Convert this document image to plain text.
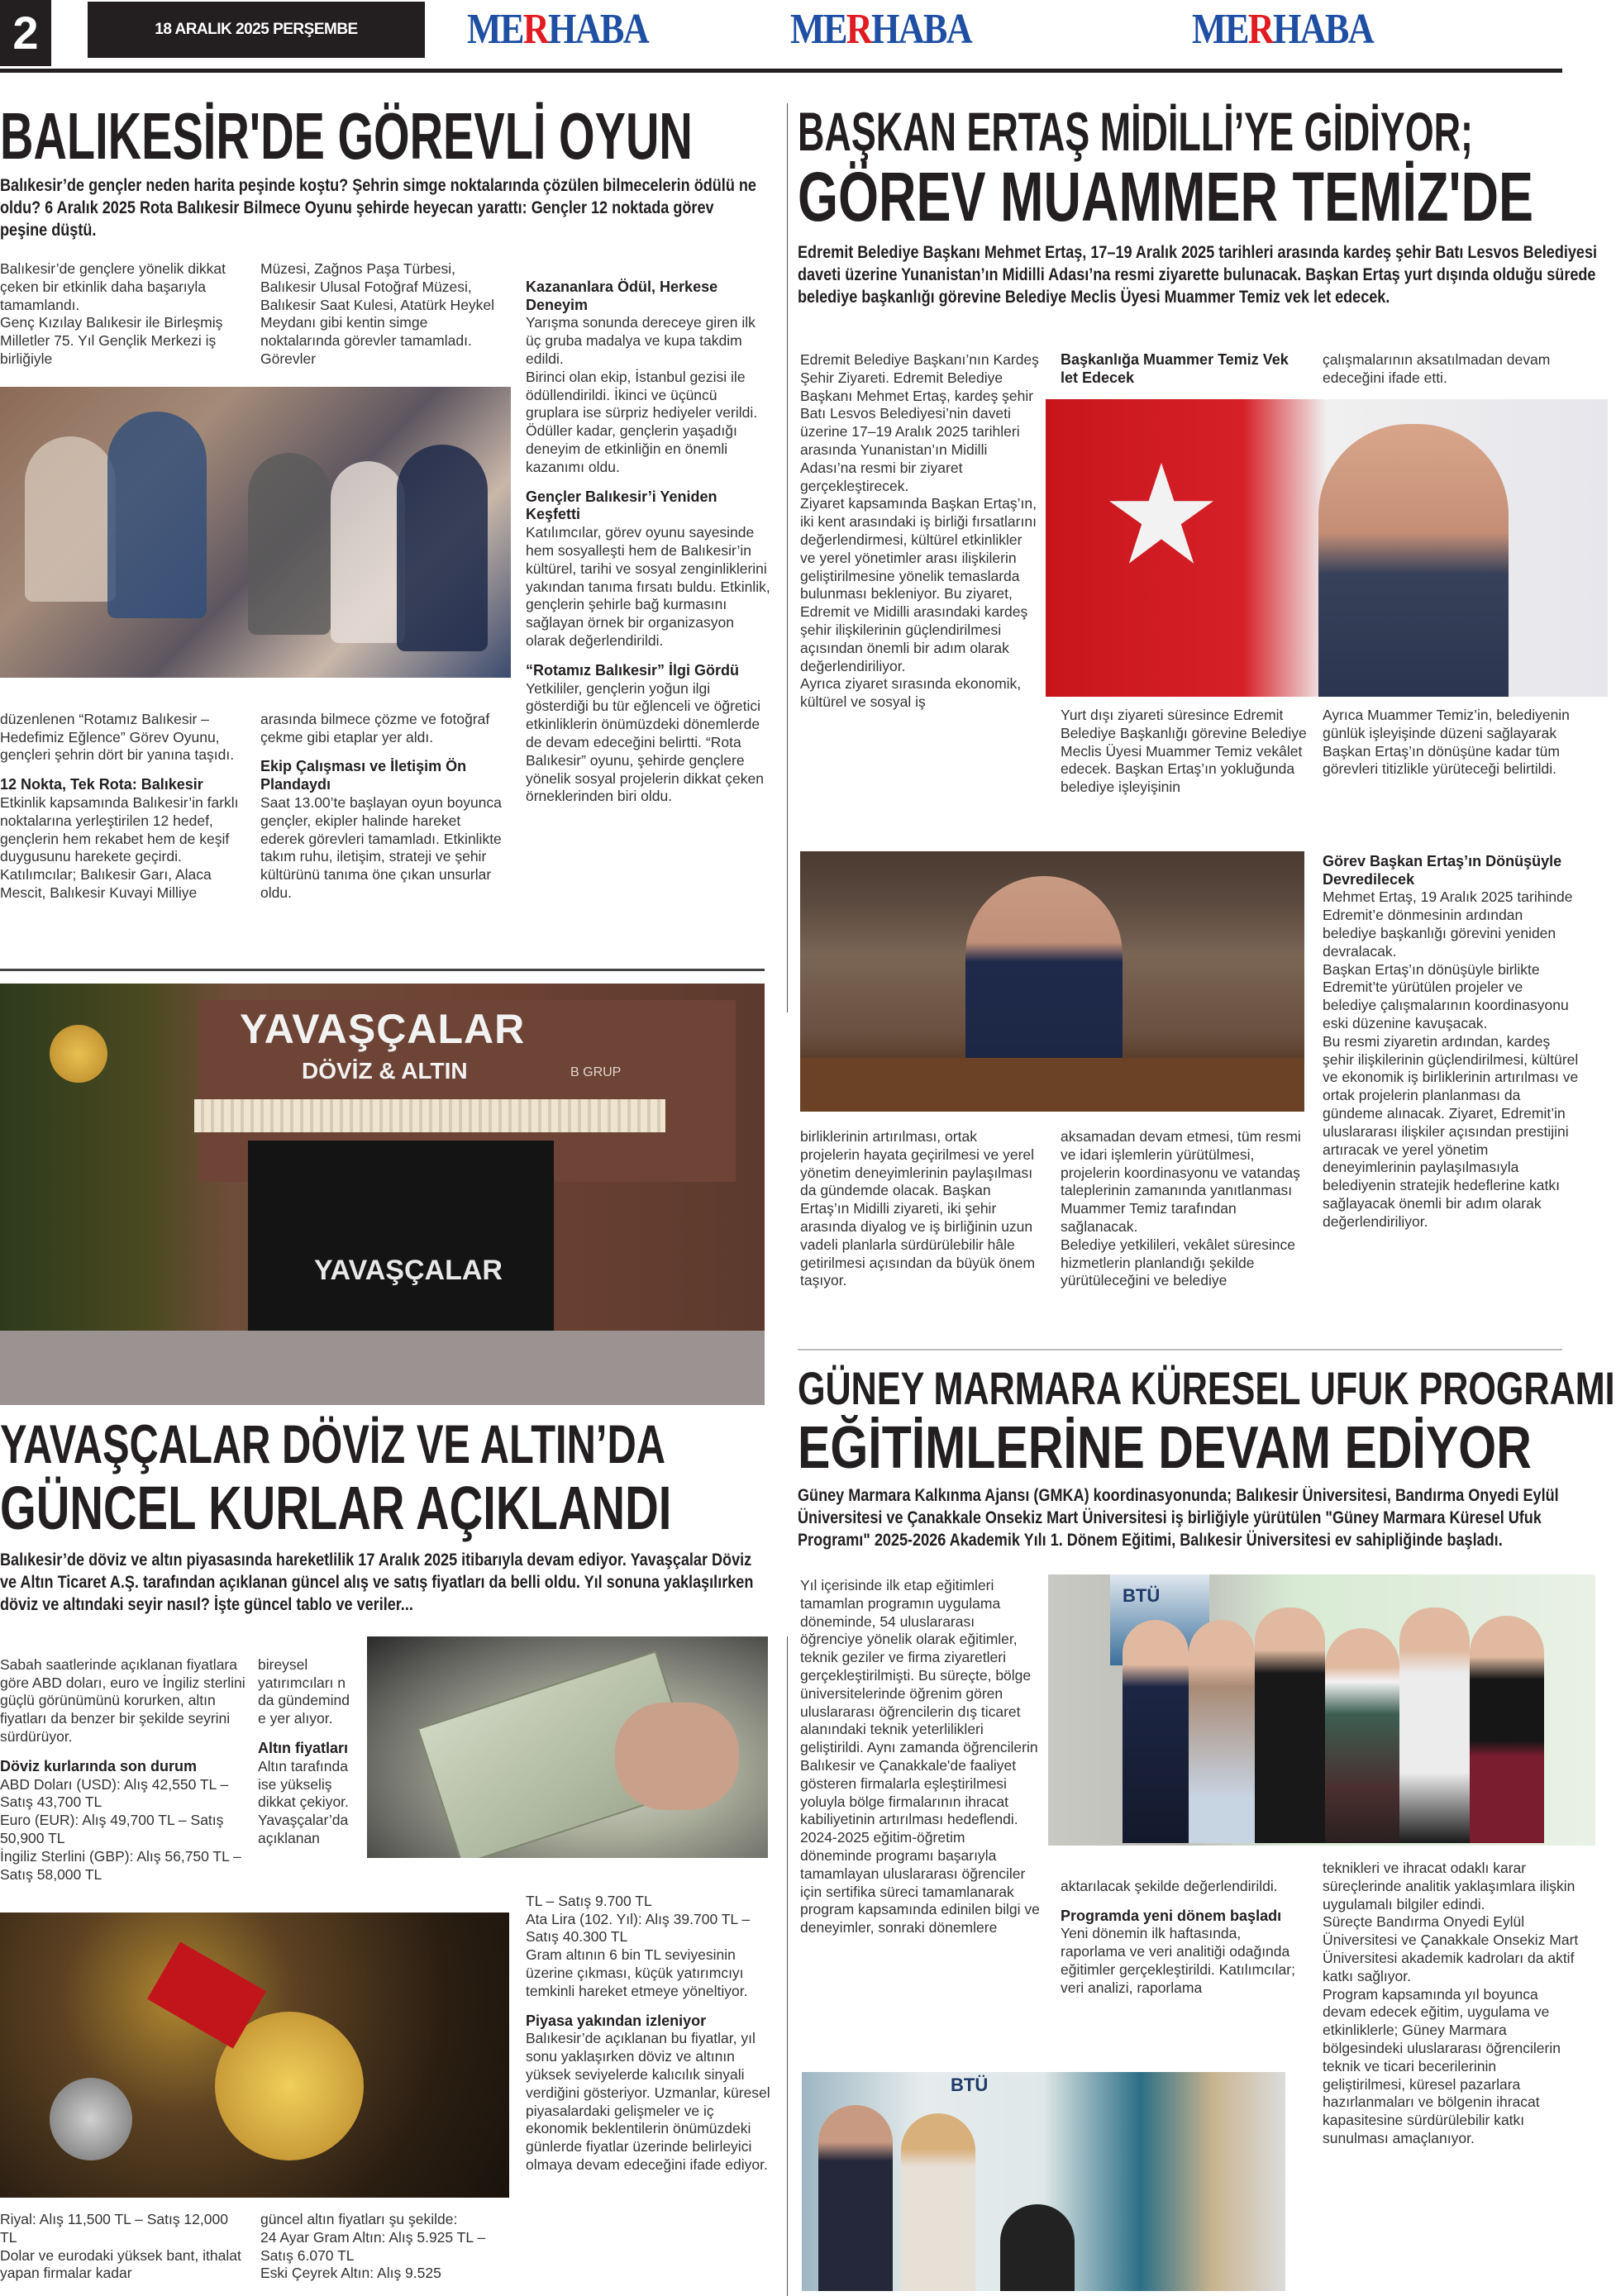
2	18 ARALIK 2025 PERŞEMBE	MERHABA	MERHABA	MERHABA
BALIKESİR'DE GÖREVLİ OYUN
Balıkesir’de gençler neden harita peşinde koştu? Şehrin simge noktalarında çözülen bilmecelerin ödülü ne oldu? 6 Aralık 2025 Rota Balıkesir Bilmece Oyunu şehirde heyecan yarattı: Gençler 12 noktada görev peşine düştü.
Balıkesir’de gençlere yönelik dikkat çeken bir etkinlik daha başarıyla tamamlandı.
Genç Kızılay Balıkesir ile Birleşmiş Milletler 75. Yıl Gençlik Merkezi iş birliğiyle
Müzesi, Zağnos Paşa Türbesi, Balıkesir Ulusal Fotoğraf Müzesi, Balıkesir Saat Kulesi, Atatürk Heykel Meydanı gibi kentin simge noktalarında görevler tamamladı. Görevler

Kazananlara Ödül, Herkese Deneyim
Yarışma sonunda dereceye giren ilk üç gruba madalya ve kupa takdim edildi.
Birinci olan ekip, İstanbul gezisi ile ödüllendirildi. İkinci ve üçüncü gruplara ise sürpriz hediyeler verildi. Ödüller kadar, gençlerin yaşadığı deneyim de etkinliğin en önemli kazanımı oldu.

Gençler Balıkesir’i Yeniden Keşfetti
Katılımcılar, görev oyunu sayesinde hem sosyalleşti hem de Balıkesir’in kültürel, tarihi ve sosyal zenginliklerini yakından tanıma fırsatı buldu. Etkinlik, gençlerin şehirle bağ kurmasını sağlayan örnek bir organizasyon olarak değerlendirildi.

“Rotamız Balıkesir” İlgi Gördü
Yetkililer, gençlerin yoğun ilgi gösterdiği bu tür eğlenceli ve öğretici etkinliklerin önümüzdeki dönemlerde de devam edeceğini belirtti. “Rota Balıkesir” oyunu, şehirde gençlere yönelik sosyal projelerin dikkat çeken örneklerinden biri oldu.

düzenlenen “Rotamız Balıkesir – Hedefimiz Eğlence” Görev Oyunu, gençleri şehrin dört bir yanına taşıdı.

12 Nokta, Tek Rota: Balıkesir
Etkinlik kapsamında Balıkesir’in farklı noktalarına yerleştirilen 12 hedef, gençlerin hem rekabet hem de keşif duygusunu harekete geçirdi. Katılımcılar; Balıkesir Garı, Alaca Mescit, Balıkesir Kuvayi Milliye

arasında bilmece çözme ve fotoğraf çekme gibi etaplar yer aldı.

Ekip Çalışması ve İletişim Ön Plandaydı
Saat 13.00’te başlayan oyun boyunca gençler, ekipler halinde hareket ederek görevleri tamamladı. Etkinlikte takım ruhu, iletişim, strateji ve şehir kültürünü tanıma öne çıkan unsurlar oldu.

BAŞKAN ERTAŞ MİDİLLİ’YE GİDİYOR;
GÖREV MUAMMER TEMİZ'DE
Edremit Belediye Başkanı Mehmet Ertaş, 17–19 Aralık 2025 tarihleri arasında kardeş şehir Batı Lesvos Belediyesi daveti üzerine Yunanistan’ın Midilli Adası’na resmi ziyarette bulunacak. Başkan Ertaş yurt dışında olduğu sürede belediye başkanlığı görevine Belediye Meclis Üyesi Muammer Temiz vek let edecek.
Edremit Belediye Başkanı’nın Kardeş Şehir Ziyareti. Edremit Belediye Başkanı Mehmet Ertaş, kardeş şehir Batı Lesvos Belediyesi’nin daveti üzerine 17–19 Aralık 2025 tarihleri arasında Yunanistan’ın Midilli Adası’na resmi bir ziyaret gerçekleştirecek.
Ziyaret kapsamında Başkan Ertaş’ın, iki kent arasındaki iş birliği fırsatlarını değerlendirmesi, kültürel etkinlikler ve yerel yönetimler arası ilişkilerin geliştirilmesine yönelik temaslarda bulunması bekleniyor. Bu ziyaret, Edremit ve Midilli arasındaki kardeş şehir ilişkilerinin güçlendirilmesi açısından önemli bir adım olarak değerlendiriliyor.
Ayrıca ziyaret sırasında ekonomik, kültürel ve sosyal iş
Başkanlığa Muammer Temiz Vek let Edecek
Yurt dışı ziyareti süresince Edremit Belediye Başkanlığı görevine Belediye Meclis Üyesi Muammer Temiz vekâlet edecek. Başkan Ertaş’ın yokluğunda belediye işleyişinin
çalışmalarının aksatılmadan devam edeceğini ifade etti.
Ayrıca Muammer Temiz’in, belediyenin günlük işleyişinde düzeni sağlayarak Başkan Ertaş’ın dönüşüne kadar tüm görevleri titizlikle yürüteceği belirtildi.

Görev Başkan Ertaş’ın Dönüşüyle Devredilecek
Mehmet Ertaş, 19 Aralık 2025 tarihinde Edremit’e dönmesinin ardından belediye başkanlığı görevini yeniden devralacak.
Başkan Ertaş’ın dönüşüyle birlikte Edremit’te yürütülen projeler ve belediye çalışmalarının koordinasyonu eski düzenine kavuşacak.
Bu resmi ziyaretin ardından, kardeş şehir ilişkilerinin güçlendirilmesi, kültürel ve ekonomik iş birliklerinin artırılması ve ortak projelerin planlanması da gündeme alınacak. Ziyaret, Edremit’in uluslararası ilişkiler açısından prestijini artıracak ve yerel yönetim deneyimlerinin paylaşılmasıyla belediyenin stratejik hedeflerine katkı sağlayacak önemli bir adım olarak değerlendiriliyor.

birliklerinin artırılması, ortak projelerin hayata geçirilmesi ve yerel yönetim deneyimlerinin paylaşılması da gündemde olacak. Başkan Ertaş’ın Midilli ziyareti, iki şehir arasında diyalog ve iş birliğinin uzun vadeli planlarla sürdürülebilir hâle getirilmesi açısından da büyük önem taşıyor.
aksamadan devam etmesi, tüm resmi ve idari işlemlerin yürütülmesi, projelerin koordinasyonu ve vatandaş taleplerinin zamanında yanıtlanması Muammer Temiz tarafından sağlanacak.
Belediye yetkilileri, vekâlet süresince hizmetlerin planlandığı şekilde yürütüleceğini ve belediye
YAVAŞÇALAR
DÖVİZ & ALTIN	B GRUP
YAVAŞÇALAR
YAVAŞÇALAR DÖVİZ VE ALTIN’DA
GÜNCEL KURLAR AÇIKLANDI
Balıkesir’de döviz ve altın piyasasında hareketlilik 17 Aralık 2025 itibarıyla devam ediyor. Yavaşçalar Döviz ve Altın Ticaret A.Ş. tarafından açıklanan güncel alış ve satış fiyatları da belli oldu. Yıl sonuna yaklaşılırken döviz ve altındaki seyir nasıl? İşte güncel tablo ve veriler...

Sabah saatlerinde açıklanan fiyatlara göre ABD doları, euro ve İngiliz sterlini güçlü görünümünü korurken, altın fiyatları da benzer bir şekilde seyrini sürdürüyor.

Döviz kurlarında son durum
ABD Doları (USD): Alış 42,550 TL – Satış 43,700 TL
Euro (EUR): Alış 49,700 TL – Satış 50,900 TL
İngiliz Sterlini (GBP): Alış 56,750 TL – Satış 58,000 TL

bireysel yatırımcıları n da gündemind e yer alıyor.

Altın fiyatları
Altın tarafında ise yükseliş dikkat çekiyor.
Yavaşçalar’da açıklanan

Riyal: Alış 11,500 TL – Satış 12,000 TL
Dolar ve eurodaki yüksek bant, ithalat yapan firmalar kadar
güncel altın fiyatları şu şekilde:
24 Ayar Gram Altın: Alış 5.925 TL – Satış 6.070 TL
Eski Çeyrek Altın: Alış 9.525

TL – Satış 9.700 TL
Ata Lira (102. Yıl): Alış 39.700 TL – Satış 40.300 TL
Gram altının 6 bin TL seviyesinin üzerine çıkması, küçük yatırımcıyı temkinli hareket etmeye yöneltiyor.

Piyasa yakından izleniyor
Balıkesir’de açıklanan bu fiyatlar, yıl sonu yaklaşırken döviz ve altının yüksek seviyelerde kalıcılık sinyali verdiğini gösteriyor. Uzmanlar, küresel piyasalardaki gelişmeler ve iç ekonomik beklentilerin önümüzdeki günlerde fiyatlar üzerinde belirleyici olmaya devam edeceğini ifade ediyor.

GÜNEY MARMARA KÜRESEL UFUK PROGRAMI
EĞİTİMLERİNE DEVAM EDİYOR
Güney Marmara Kalkınma Ajansı (GMKA) koordinasyonunda; Balıkesir Üniversitesi, Bandırma Onyedi Eylül Üniversitesi ve Çanakkale Onsekiz Mart Üniversitesi iş birliğiyle yürütülen "Güney Marmara Küresel Ufuk Programı" 2025-2026 Akademik Yılı 1. Dönem Eğitimi, Balıkesir Üniversitesi ev sahipliğinde başladı.
Yıl içerisinde ilk etap eğitimleri tamamlan programın uygulama döneminde, 54 uluslararası öğrenciye yönelik olarak eğitimler, teknik geziler ve firma ziyaretleri gerçekleştirilmişti. Bu süreçte, bölge üniversitelerinde öğrenim gören uluslararası öğrencilerin dış ticaret alanındaki teknik yeterlilikleri geliştirildi. Aynı zamanda öğrencilerin Balıkesir ve Çanakkale'de faaliyet gösteren firmalarla eşleştirilmesi yoluyla bölge firmalarının ihracat kabiliyetinin artırılması hedeflendi.
2024-2025 eğitim-öğretim döneminde programı başarıyla tamamlayan uluslararası öğrenciler için sertifika süreci tamamlanarak program kapsamında edinilen bilgi ve deneyimler, sonraki dönemlere
BTÜ

aktarılacak şekilde değerlendirildi.

Programda yeni dönem başladı
Yeni dönemin ilk haftasında, raporlama ve veri analitiği odağında eğitimler gerçekleştirildi. Katılımcılar; veri analizi, raporlama

BTÜ
teknikleri ve ihracat odaklı karar süreçlerinde analitik yaklaşımlara ilişkin uygulamalı bilgiler edindi.
Süreçte Bandırma Onyedi Eylül Üniversitesi ve Çanakkale Onsekiz Mart Üniversitesi akademik kadroları da aktif katkı sağlıyor.
Program kapsamında yıl boyunca devam edecek eğitim, uygulama ve etkinliklerle; Güney Marmara bölgesindeki uluslararası öğrencilerin teknik ve ticari becerilerinin geliştirilmesi, küresel pazarlara hazırlanmaları ve bölgenin ihracat kapasitesine sürdürülebilir katkı sunulması amaçlanıyor.
